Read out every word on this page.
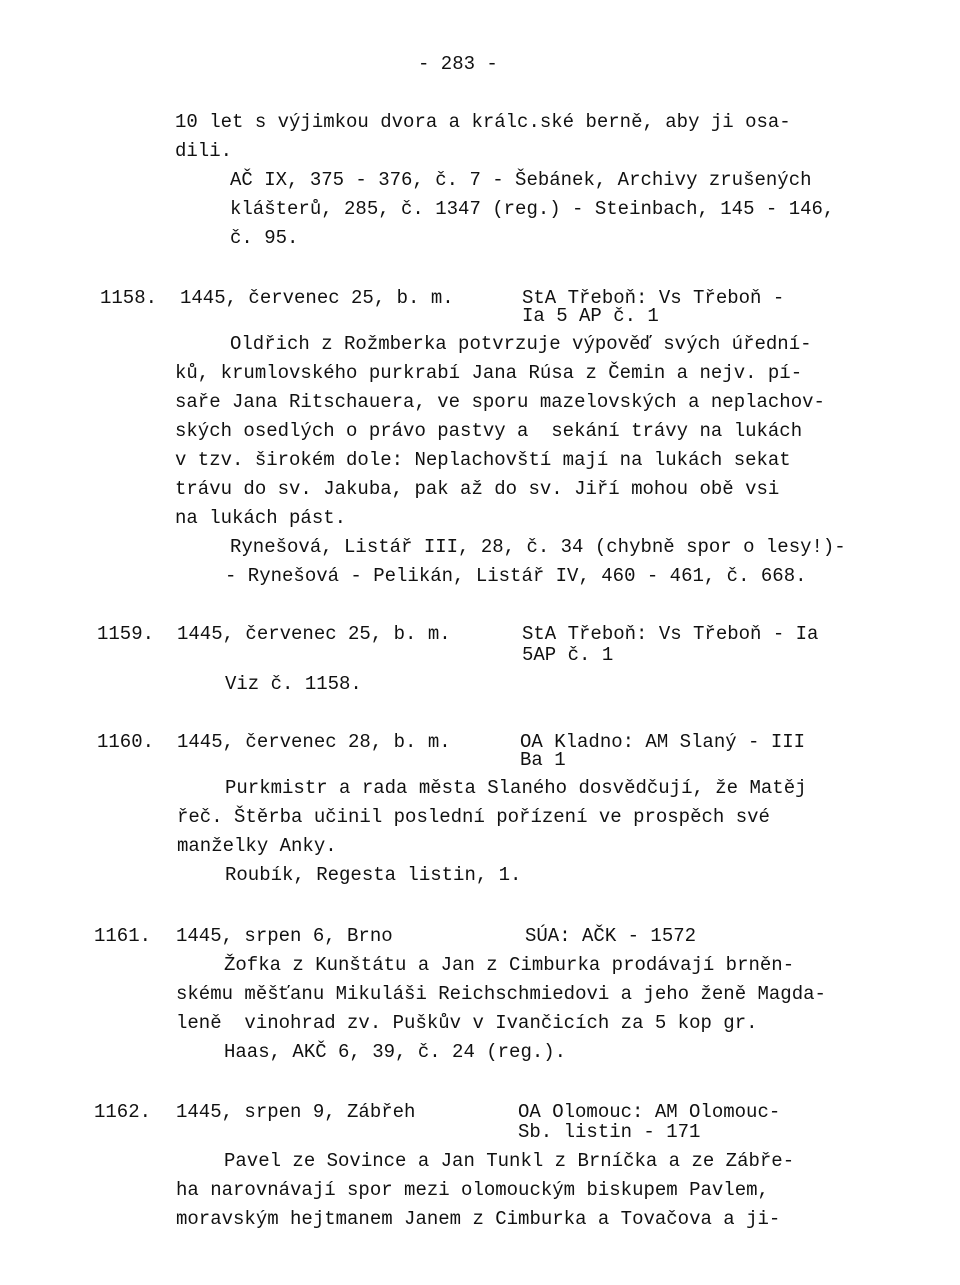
- 283 -
10 let s výjimkou dvora a králc.ské berně, aby ji osa-
dili.
AČ IX, 375 - 376, č. 7 - Šebánek, Archivy zrušených
klášterů, 285, č. 1347 (reg.) - Steinbach, 145 - 146,
č. 95.
1158. 1445, červenec 25, b. m.	StA Třeboň: Vs Třeboň -
Ia 5 AP č. 1
Oldřich z Rožmberka potvrzuje výpověď svých úřední-
ků, krumlovského purkrabí Jana Rúsa z Čemin a nejv. pí-
saře Jana Ritschauera, ve sporu mazelovských a neplachov-
ských osedlých o právo pastvy a  sekání trávy na lukách
v tzv. širokém dole: Neplachovští mají na lukách sekat
trávu do sv. Jakuba, pak až do sv. Jiří mohou obě vsi
na lukách pást.
Rynešová, Listář III, 28, č. 34 (chybně spor o lesy!)-
- Rynešová - Pelikán, Listář IV, 460 - 461, č. 668.
1159. 1445, červenec 25, b. m.	StA Třeboň: Vs Třeboň - Ia
5AP č. 1
Viz č. 1158.
1160. 1445, červenec 28, b. m.	OA Kladno: AM Slaný - III
Ba 1
Purkmistr a rada města Slaného dosvědčují, že Matěj
řeč. Štěrba učinil poslední pořízení ve prospěch své
manželky Anky.
Roubík, Regesta listin, 1.
1161. 1445, srpen 6, Brno	SÚA: AČK - 1572
Žofka z Kunštátu a Jan z Cimburka prodávají brněn-
skému měšťanu Mikuláši Reichschmiedovi a jeho ženě Magda-
leně  vinohrad zv. Puškův v Ivančicích za 5 kop gr.
Haas, AKČ 6, 39, č. 24 (reg.).
1162. 1445, srpen 9, Zábřeh	OA Olomouc: AM Olomouc-
Sb. listin - 171
Pavel ze Sovince a Jan Tunkl z Brníčka a ze Zábře-
ha narovnávají spor mezi olomouckým biskupem Pavlem,
moravským hejtmanem Janem z Cimburka a Tovačova a ji-
